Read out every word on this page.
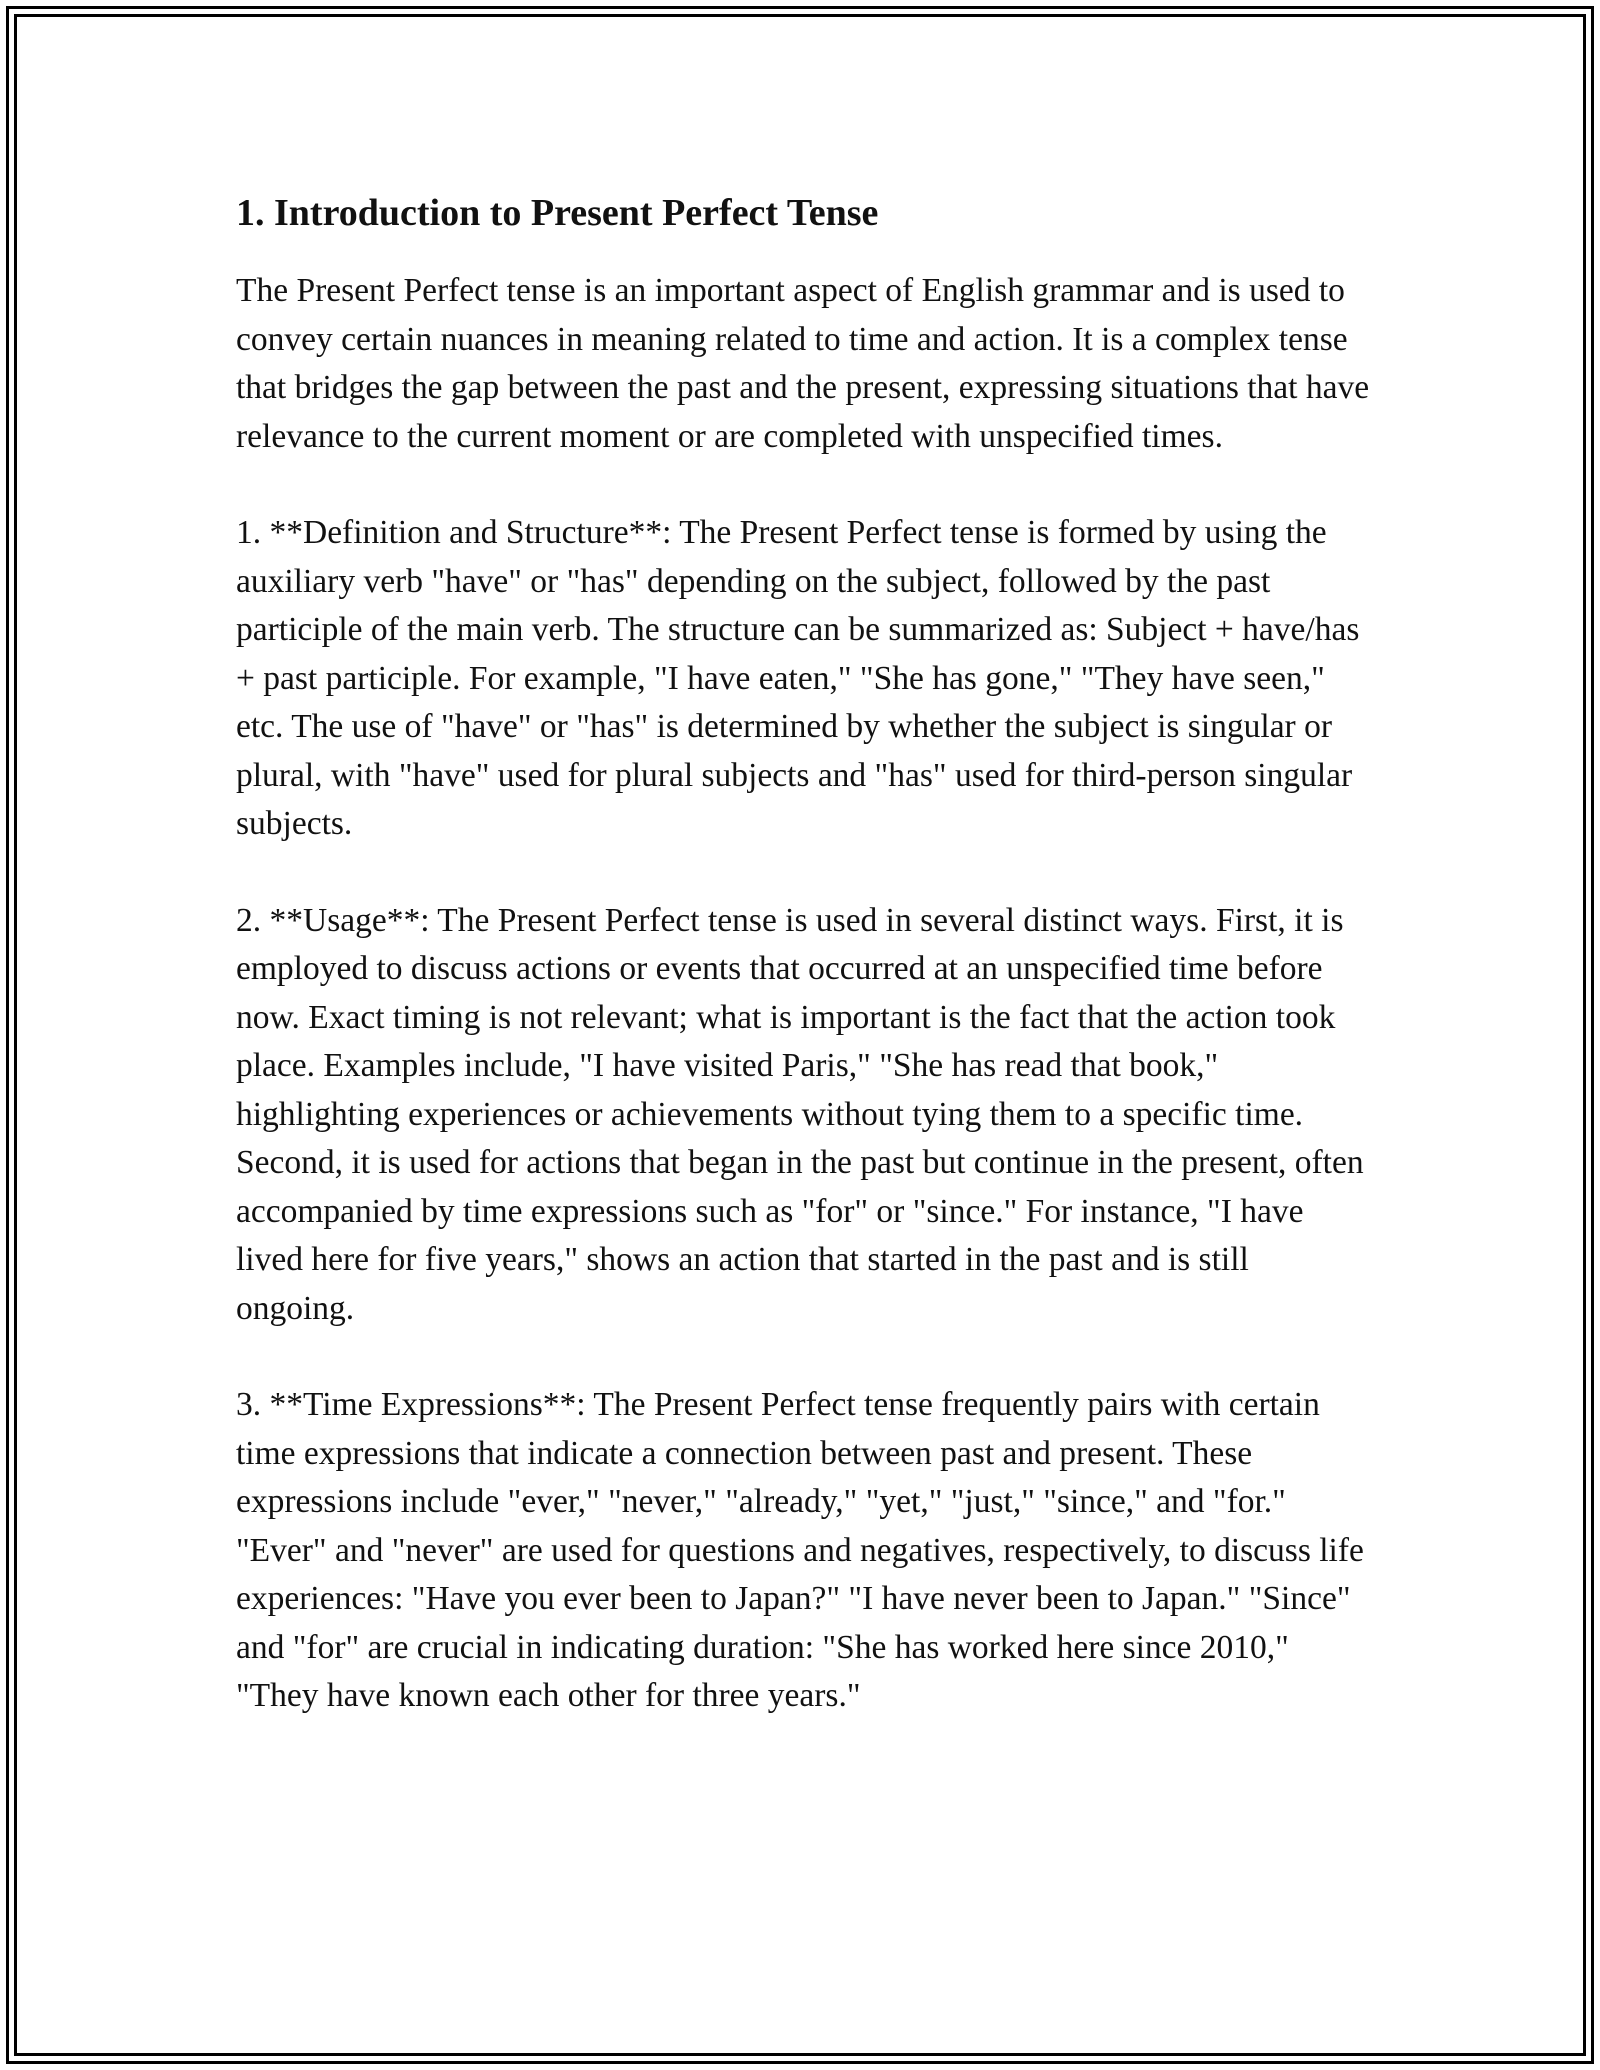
1. Introduction to Present Perfect Tense

The Present Perfect tense is an important aspect of English grammar and is used to convey certain nuances in meaning related to time and action. It is a complex tense that bridges the gap between the past and the present, expressing situations that have relevance to the current moment or are completed with unspecified times.

1. **Definition and Structure**: The Present Perfect tense is formed by using the auxiliary verb "have" or "has" depending on the subject, followed by the past participle of the main verb. The structure can be summarized as: Subject + have/has + past participle. For example, "I have eaten," "She has gone," "They have seen," etc. The use of "have" or "has" is determined by whether the subject is singular or plural, with "have" used for plural subjects and "has" used for third-person singular subjects.

2. **Usage**: The Present Perfect tense is used in several distinct ways. First, it is employed to discuss actions or events that occurred at an unspecified time before now. Exact timing is not relevant; what is important is the fact that the action took place. Examples include, "I have visited Paris," "She has read that book," highlighting experiences or achievements without tying them to a specific time. Second, it is used for actions that began in the past but continue in the present, often accompanied by time expressions such as "for" or "since." For instance, "I have lived here for five years," shows an action that started in the past and is still ongoing.

3. **Time Expressions**: The Present Perfect tense frequently pairs with certain time expressions that indicate a connection between past and present. These expressions include "ever," "never," "already," "yet," "just," "since," and "for." "Ever" and "never" are used for questions and negatives, respectively, to discuss life experiences: "Have you ever been to Japan?" "I have never been to Japan." "Since" and "for" are crucial in indicating duration: "She has worked here since 2010," "They have known each other for three years."
